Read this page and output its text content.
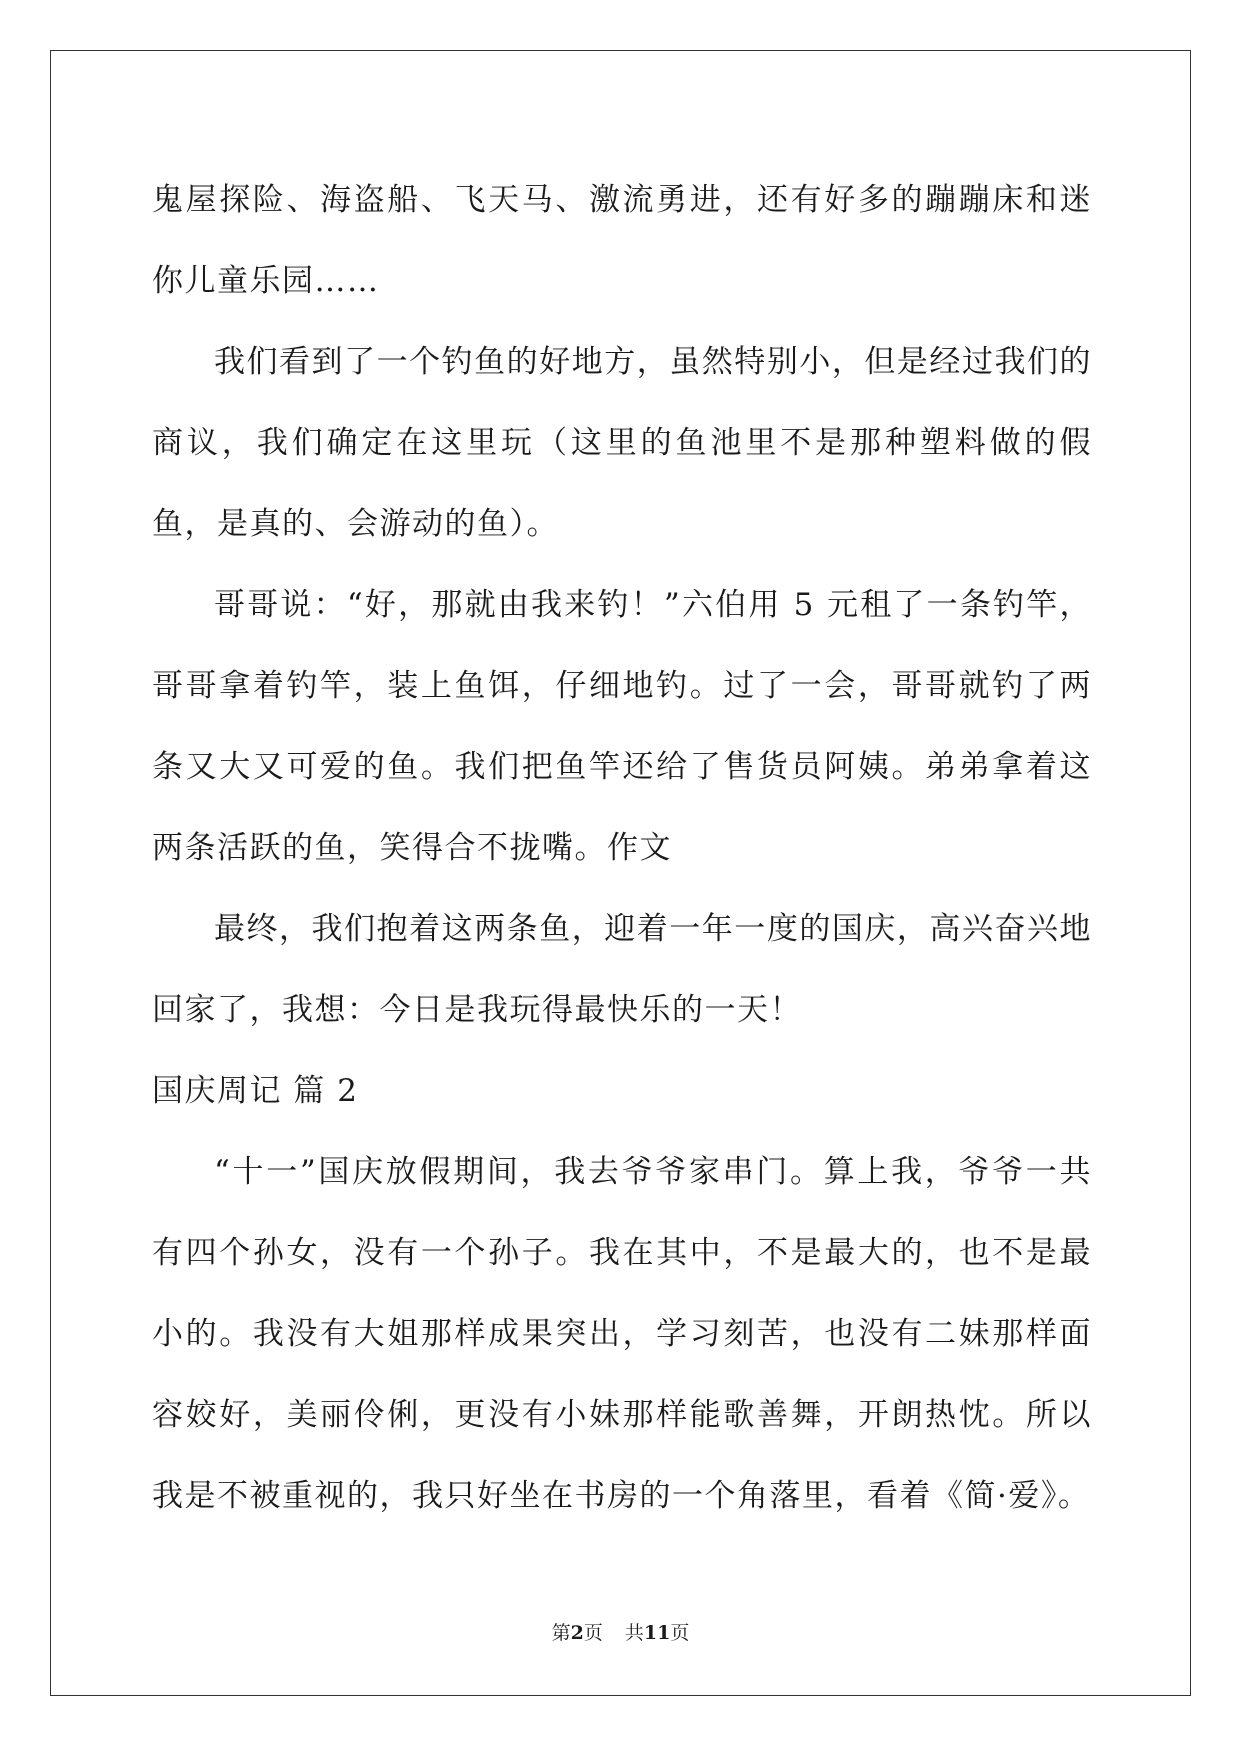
鬼屋探险、海盗船、飞天马、激流勇进，还有好多的蹦蹦床和迷你儿童乐园……

我们看到了一个钓鱼的好地方，虽然特别小，但是经过我们的商议，我们确定在这里玩（这里的鱼池里不是那种塑料做的假鱼，是真的、会游动的鱼）。

哥哥说：“好，那就由我来钓！”六伯用 5 元租了一条钓竿，哥哥拿着钓竿，装上鱼饵，仔细地钓。过了一会，哥哥就钓了两条又大又可爱的鱼。我们把鱼竿还给了售货员阿姨。弟弟拿着这两条活跃的鱼，笑得合不拢嘴。作文

最终，我们抱着这两条鱼，迎着一年一度的国庆，高兴奋兴地回家了，我想：今日是我玩得最快乐的一天！

国庆周记 篇 2

“十一”国庆放假期间，我去爷爷家串门。算上我，爷爷一共有四个孙女，没有一个孙子。我在其中，不是最大的，也不是最小的。我没有大姐那样成果突出，学习刻苦，也没有二妹那样面容姣好，美丽伶俐，更没有小妹那样能歌善舞，开朗热忱。所以我是不被重视的，我只好坐在书房的一个角落里，看着《简·爱》。

第2页 共11页
